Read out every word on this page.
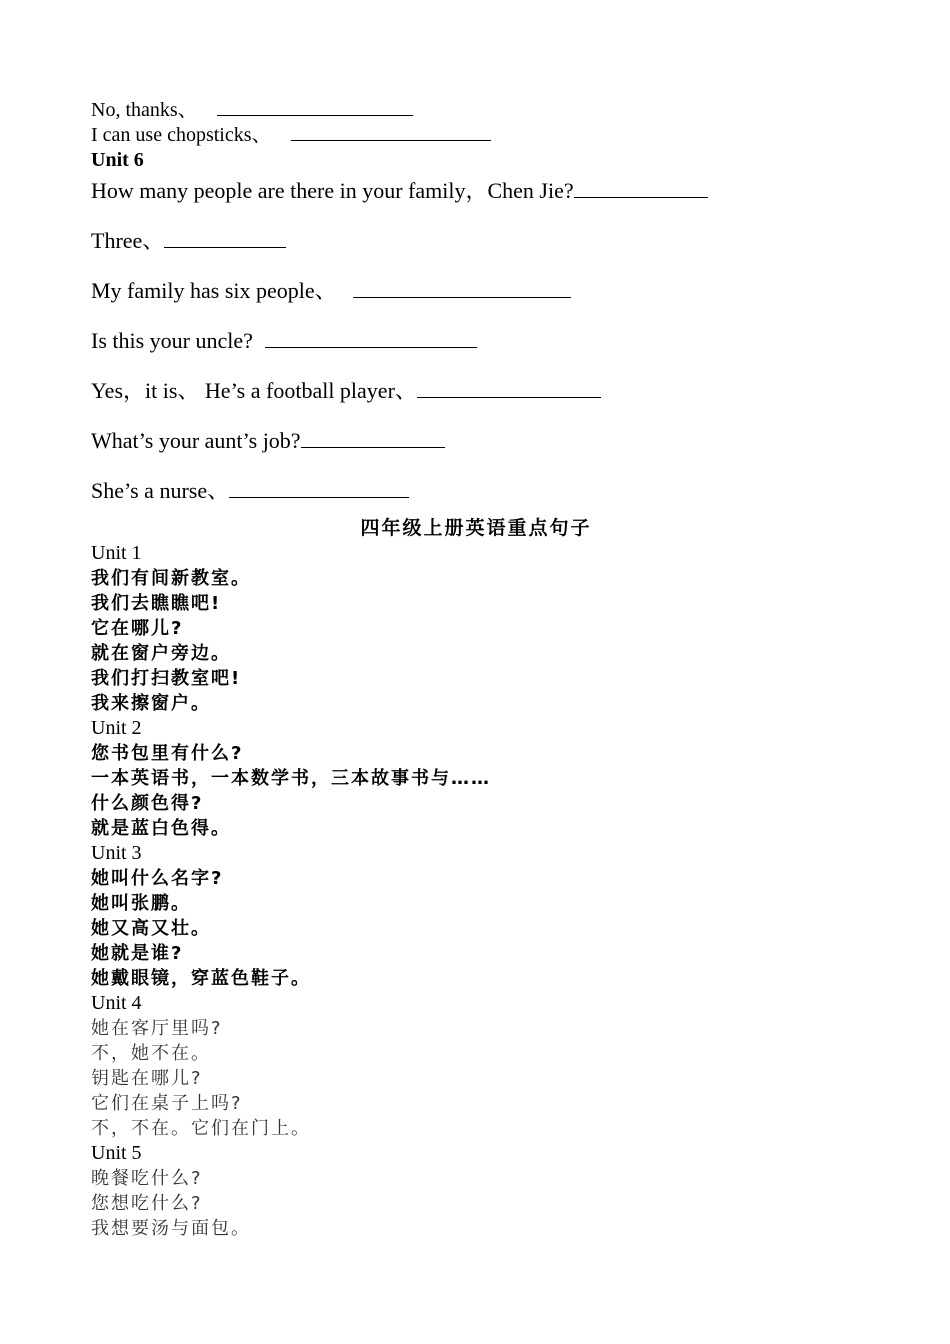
No, thanks、
I can use chopsticks、
Unit 6
How many people are there in your family，Chen Jie?
Three、
My family has six people、
Is this your uncle?
Yes，it is、 He’s a football player、
What’s your aunt’s job?
She’s a nurse、
四年级上册英语重点句子
Unit 1
我们有间新教室。
我们去瞧瞧吧!
它在哪儿?
就在窗户旁边。
我们打扫教室吧!
我来擦窗户。
Unit 2
您书包里有什么?
一本英语书，一本数学书，三本故事书与……
什么颜色得?
就是蓝白色得。
Unit 3
她叫什么名字?
她叫张鹏。
她又高又壮。
她就是谁?
她戴眼镜，穿蓝色鞋子。
Unit 4
她在客厅里吗?
不，她不在。
钥匙在哪儿?
它们在桌子上吗?
不，不在。它们在门上。
Unit 5
晚餐吃什么?
您想吃什么?
我想要汤与面包。
